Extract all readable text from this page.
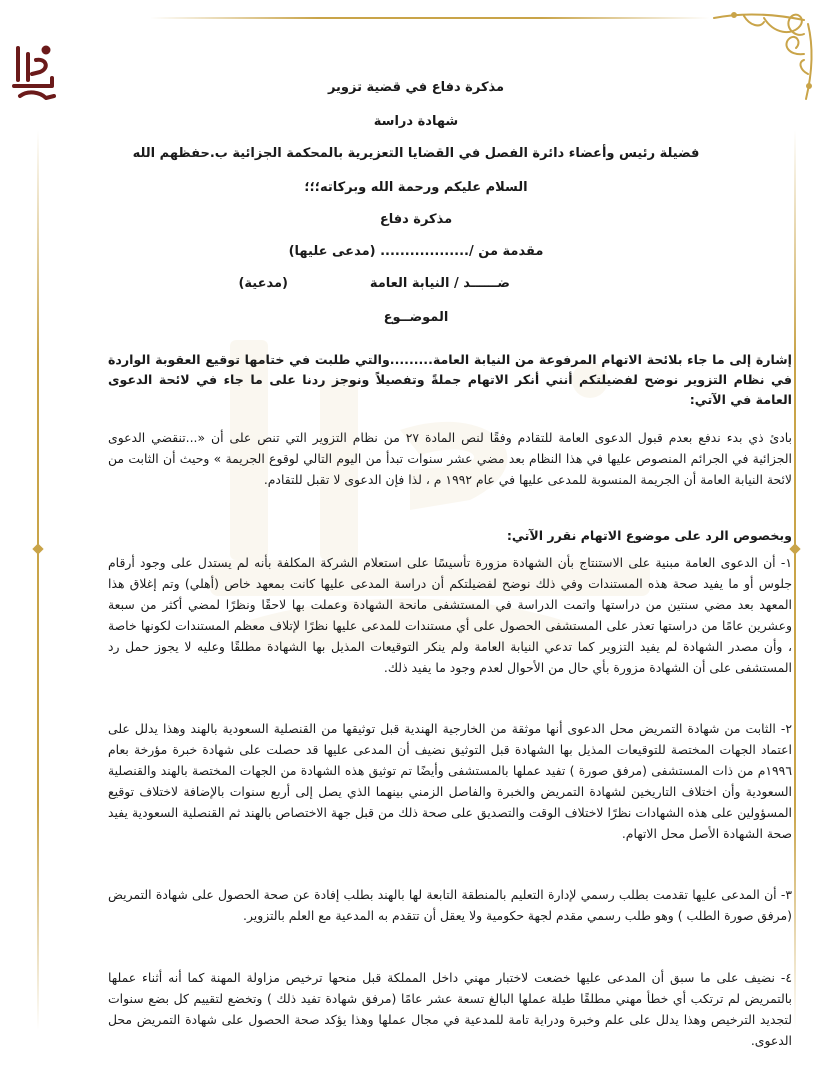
مذكرة دفاع في قضية تزوير
شهادة دراسة
فضيلة رئيس وأعضاء دائرة الفصل في القضايا التعزيرية بالمحكمة الجزائية ب.حفظهم الله
السلام عليكم ورحمة الله وبركاته؛؛؛
مذكرة دفاع
مقدمة من /.................. (مدعى عليها)
ضــــــد / النيابة العامة
(مدعية)
الموضــوع
إشارة إلى ما جاء بلائحة الاتهام المرفوعة من النيابة العامة.........والتي طلبت في ختامها توقيع العقوبة الواردة في نظام التزوير نوضح لفضيلتكم أنني أنكر الاتهام جملةً وتفصيلاً ونوجز ردنا على ما جاء في لائحة الدعوى العامة في الآتي:
بادئ ذي بدء ندفع بعدم قبول الدعوى العامة للتقادم وفقًا لنص المادة ٢٧ من نظام التزوير التي تنص على أن «...تنقضي الدعوى الجزائية في الجرائم المنصوص عليها في هذا النظام بعد مضي عشر سنوات تبدأ من اليوم التالي لوقوع الجريمة » وحيث أن الثابت من لائحة النيابة العامة أن الجريمة المنسوبة للمدعى عليها في عام ١٩٩٢ م ، لذا فإن الدعوى لا تقبل للتقادم.
وبخصوص الرد على موضوع الاتهام نقرر الآتي:
١- أن الدعوى العامة مبنية على الاستنتاج بأن الشهادة مزورة تأسيسًا على استعلام الشركة المكلفة بأنه لم يستدل على وجود أرقام جلوس أو ما يفيد صحة هذه المستندات وفي ذلك نوضح لفضيلتكم أن دراسة المدعى عليها كانت بمعهد خاص (أهلي) وتم إغلاق هذا المعهد بعد مضي سنتين من دراستها واتمت الدراسة في المستشفى مانحة الشهادة وعملت بها لاحقًا ونظرًا لمضي أكثر من سبعة وعشرين عامًا من دراستها تعذر على المستشفى الحصول على أي مستندات للمدعى عليها نظرًا لإتلاف معظم المستندات لكونها خاصة ، وأن مصدر الشهادة لم يفيد التزوير كما تدعي النيابة العامة ولم ينكر التوقيعات المذيل بها الشهادة مطلقًا وعليه لا يجوز حمل رد المستشفى على أن الشهادة مزورة بأي حال من الأحوال لعدم وجود ما يفيد ذلك.
٢- الثابت من شهادة التمريض محل الدعوى أنها موثقة من الخارجية الهندية قبل توثيقها من القنصلية السعودية بالهند وهذا يدلل على اعتماد الجهات المختصة للتوقيعات المذيل بها الشهادة قبل التوثيق نضيف أن المدعى عليها قد حصلت على شهادة خبرة مؤرخة بعام ١٩٩٦م من ذات المستشفى (مرفق صورة ) تفيد عملها بالمستشفى وأيضًا تم توثيق هذه الشهادة من الجهات المختصة بالهند والقنصلية السعودية وأن اختلاف التاريخين لشهادة التمريض والخبرة والفاصل الزمني بينهما الذي يصل إلى أربع سنوات بالإضافة لاختلاف توقيع المسؤولين على هذه الشهادات نظرًا لاختلاف الوقت والتصديق على صحة ذلك من قبل جهة الاختصاص بالهند ثم القنصلية السعودية يفيد صحة الشهادة الأصل محل الاتهام.
٣- أن المدعى عليها تقدمت بطلب رسمي لإدارة التعليم بالمنطقة التابعة لها بالهند بطلب إفادة عن صحة الحصول على شهادة التمريض (مرفق صورة الطلب ) وهو طلب رسمي مقدم لجهة حكومية ولا يعقل أن تتقدم به المدعية مع العلم بالتزوير.
٤- نضيف على ما سبق أن المدعى عليها خضعت لاختبار مهني داخل المملكة قبل منحها ترخيص مزاولة المهنة كما أنه أثناء عملها بالتمريض لم ترتكب أي خطأ مهني مطلقًا طيلة عملها البالغ تسعة عشر عامًا (مرفق شهادة تفيد ذلك ) وتخضع لتقييم كل بضع سنوات لتجديد الترخيص وهذا يدلل على علم وخبرة ودراية تامة للمدعية في مجال عملها وهذا يؤكد صحة الحصول على شهادة التمريض محل الدعوى.
